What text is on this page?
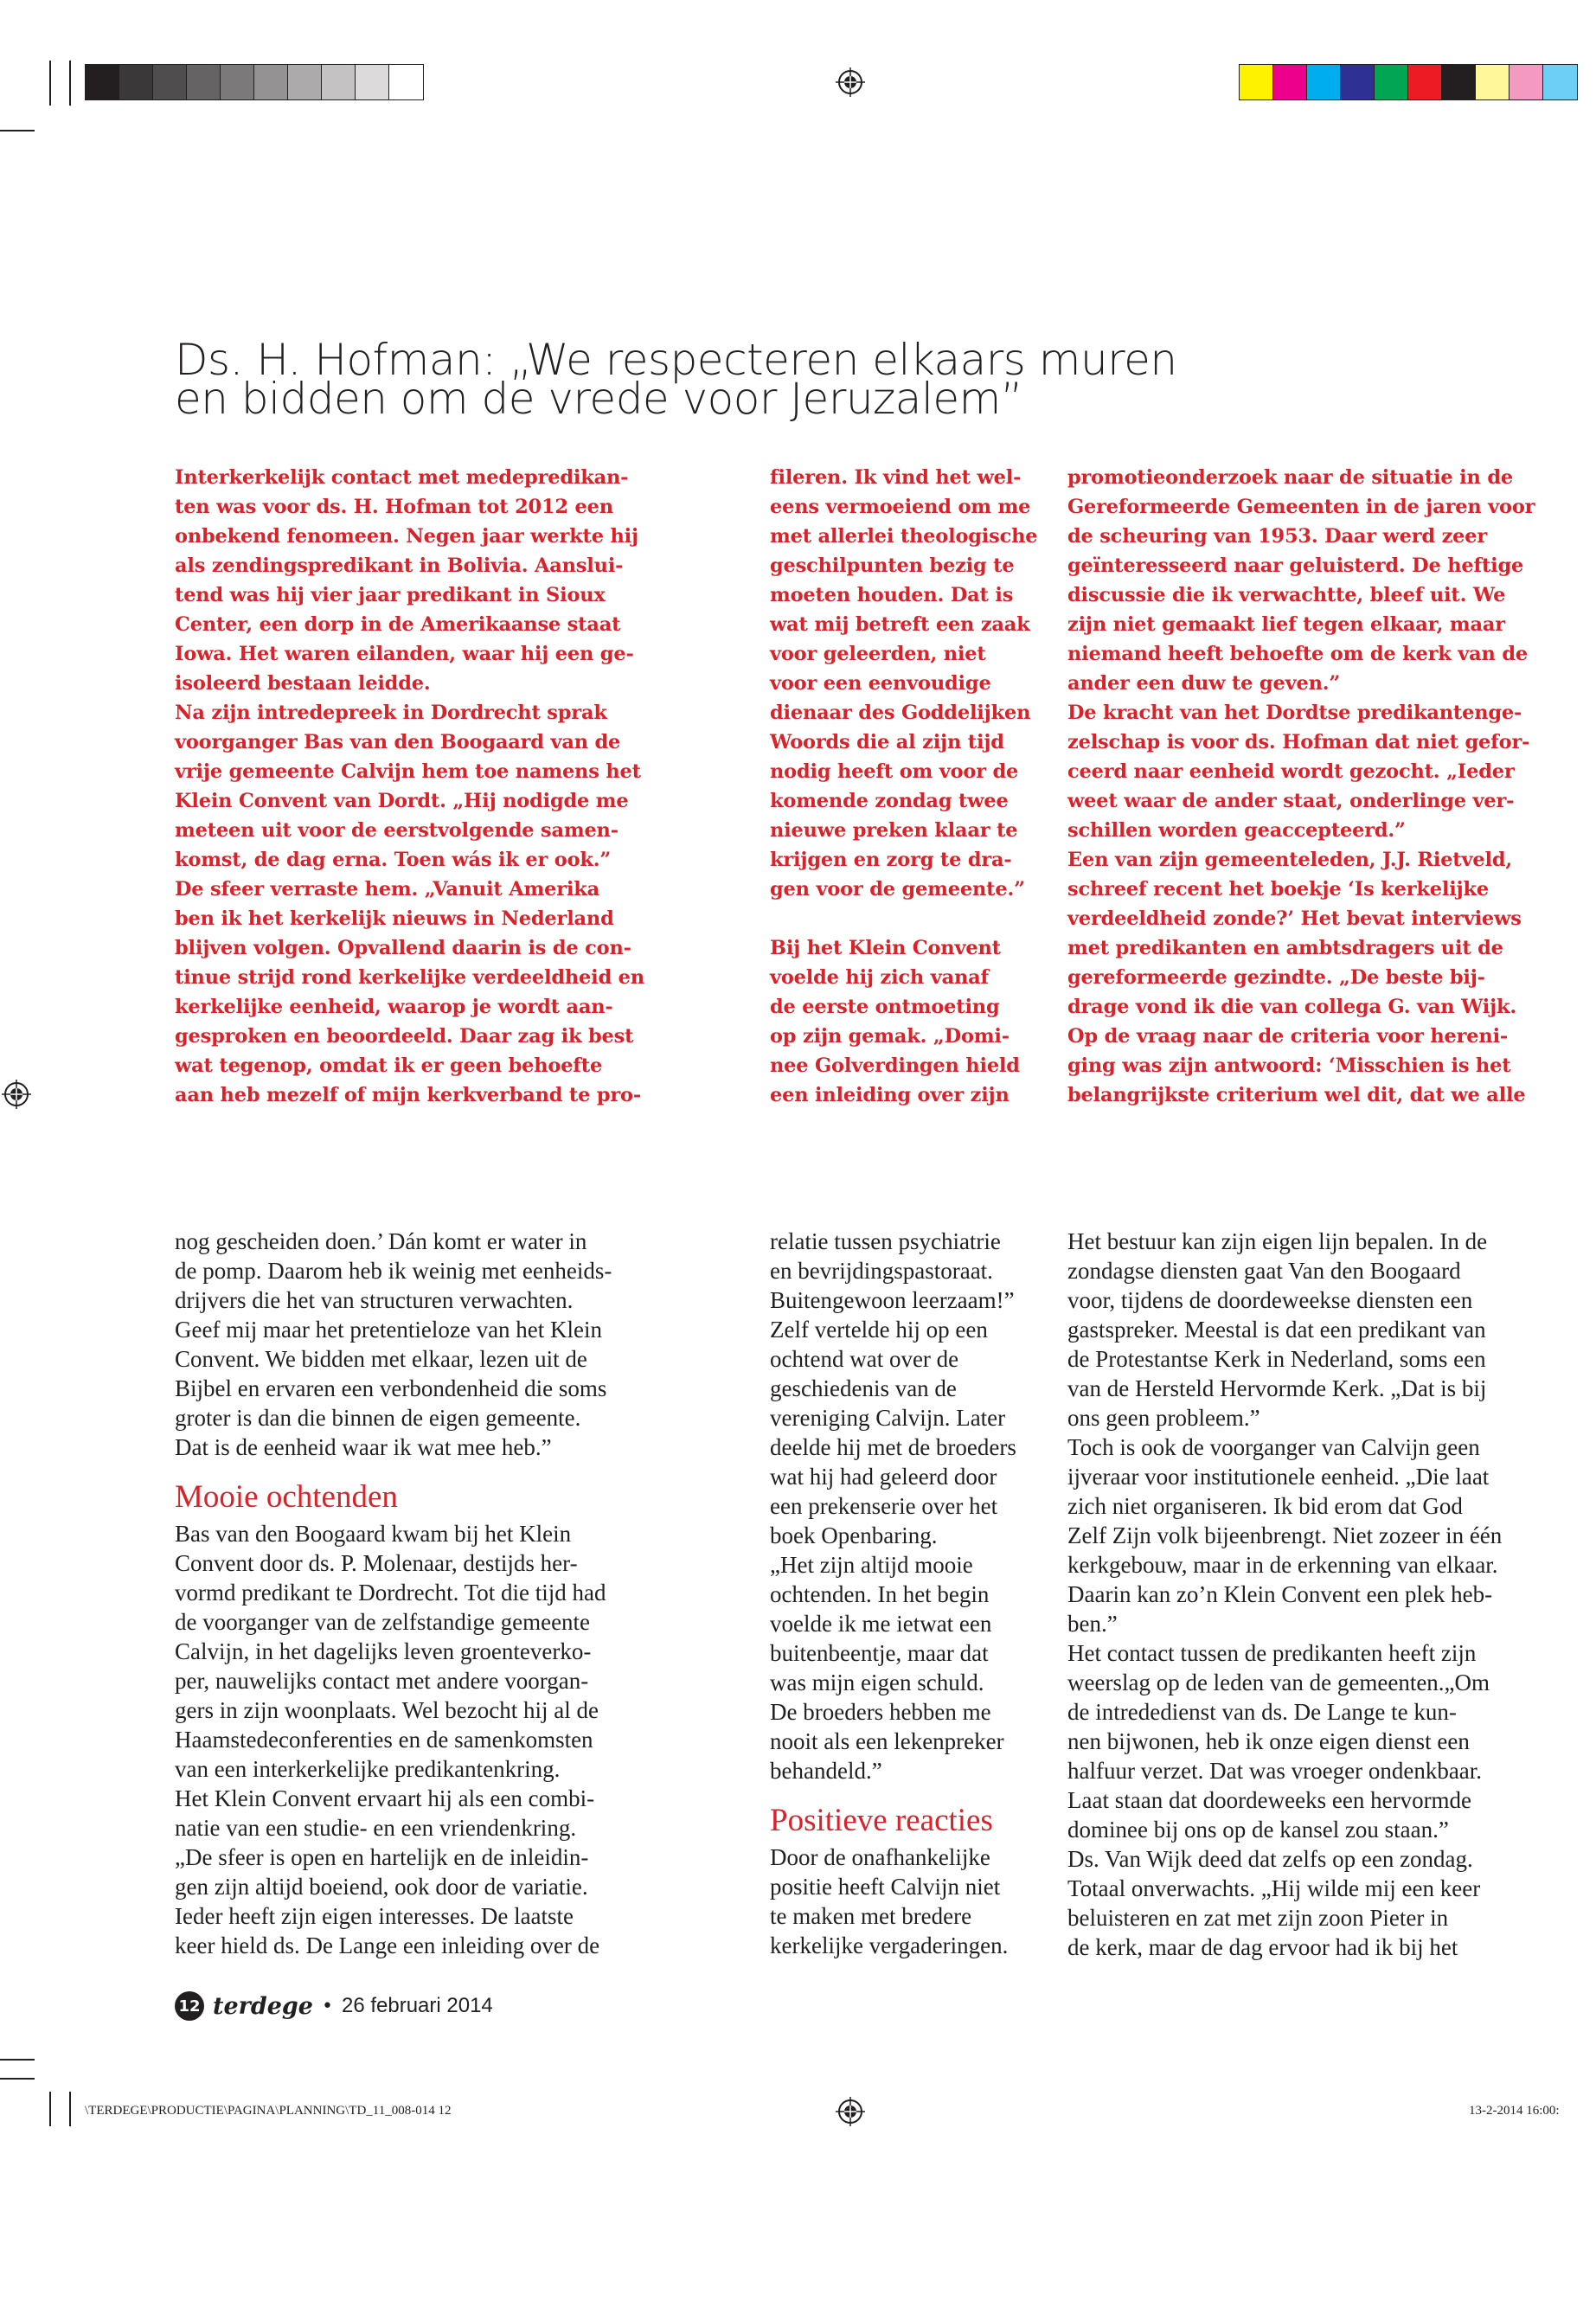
Ds. H. Hofman: „We respecteren elkaars muren
en bidden om de vrede voor Jeruzalem”
Interkerkelijk contact met medepredikan-
ten was voor ds. H. Hofman tot 2012 een
onbekend fenomeen. Negen jaar werkte hij
als zendingspredikant in Bolivia. Aanslui-
tend was hij vier jaar predikant in Sioux
Center, een dorp in de Amerikaanse staat
Iowa. Het waren eilanden, waar hij een ge-
isoleerd bestaan leidde.
Na zijn intredepreek in Dordrecht sprak
voorganger Bas van den Boogaard van de
vrije gemeente Calvijn hem toe namens het
Klein Convent van Dordt. „Hij nodigde me
meteen uit voor de eerstvolgende samen-
komst, de dag erna. Toen wás ik er ook.”
De sfeer verraste hem. „Vanuit Amerika
ben ik het kerkelijk nieuws in Nederland
blijven volgen. Opvallend daarin is de con-
tinue strijd rond kerkelijke verdeeldheid en
kerkelijke eenheid, waarop je wordt aan-
gesproken en beoordeeld. Daar zag ik best
wat tegenop, omdat ik er geen behoefte
aan heb mezelf of mijn kerkverband te pro-
fileren. Ik vind het wel-
eens vermoeiend om me
met allerlei theologische
geschilpunten bezig te
moeten houden. Dat is
wat mij betreft een zaak
voor geleerden, niet
voor een eenvoudige
dienaar des Goddelijken
Woords die al zijn tijd
nodig heeft om voor de
komende zondag twee
nieuwe preken klaar te
krijgen en zorg te dra-
gen voor de gemeente.”
Bij het Klein Convent
voelde hij zich vanaf
de eerste ontmoeting
op zijn gemak. „Domi-
nee Golverdingen hield
een inleiding over zijn
promotieonderzoek naar de situatie in de
Gereformeerde Gemeenten in de jaren voor
de scheuring van 1953. Daar werd zeer
geïnteresseerd naar geluisterd. De heftige
discussie die ik verwachtte, bleef uit. We
zijn niet gemaakt lief tegen elkaar, maar
niemand heeft behoefte om de kerk van de
ander een duw te geven.”
De kracht van het Dordtse predikantenge-
zelschap is voor ds. Hofman dat niet gefor-
ceerd naar eenheid wordt gezocht. „Ieder
weet waar de ander staat, onderlinge ver-
schillen worden geaccepteerd.”
Een van zijn gemeenteleden, J.J. Rietveld,
schreef recent het boekje ‘Is kerkelijke
verdeeldheid zonde?’ Het bevat interviews
met predikanten en ambtsdragers uit de
gereformeerde gezindte. „De beste bij-
drage vond ik die van collega G. van Wijk.
Op de vraag naar de criteria voor hereni-
ging was zijn antwoord: ‘Misschien is het
belangrijkste criterium wel dit, dat we alle
nog gescheiden doen.’ Dán komt er water in
de pomp. Daarom heb ik weinig met eenheids-
drijvers die het van structuren verwachten.
Geef mij maar het pretentieloze van het Klein
Convent. We bidden met elkaar, lezen uit de
Bijbel en ervaren een verbondenheid die soms
groter is dan die binnen de eigen gemeente.
Dat is de eenheid waar ik wat mee heb.”
Mooie ochtenden
Bas van den Boogaard kwam bij het Klein
Convent door ds. P. Molenaar, destijds her-
vormd predikant te Dordrecht. Tot die tijd had
de voorganger van de zelfstandige gemeente
Calvijn, in het dagelijks leven groenteverko-
per, nauwelijks contact met andere voorgan-
gers in zijn woonplaats. Wel bezocht hij al de
Haamstedeconferenties en de samenkomsten
van een interkerkelijke predikantenkring.
Het Klein Convent ervaart hij als een combi-
natie van een studie- en een vriendenkring.
„De sfeer is open en hartelijk en de inleidin-
gen zijn altijd boeiend, ook door de variatie.
Ieder heeft zijn eigen interesses. De laatste
keer hield ds. De Lange een inleiding over de
relatie tussen psychiatrie
en bevrijdingspastoraat.
Buitengewoon leerzaam!”
Zelf vertelde hij op een
ochtend wat over de
geschiedenis van de
vereniging Calvijn. Later
deelde hij met de broeders
wat hij had geleerd door
een prekenserie over het
boek Openbaring.
„Het zijn altijd mooie
ochtenden. In het begin
voelde ik me ietwat een
buitenbeentje, maar dat
was mijn eigen schuld.
De broeders hebben me
nooit als een lekenpreker
behandeld.”
Positieve reacties
Door de onafhankelijke
positie heeft Calvijn niet
te maken met bredere
kerkelijke vergaderingen.
Het bestuur kan zijn eigen lijn bepalen. In de
zondagse diensten gaat Van den Boogaard
voor, tijdens de doordeweekse diensten een
gastspreker. Meestal is dat een predikant van
de Protestantse Kerk in Nederland, soms een
van de Hersteld Hervormde Kerk. „Dat is bij
ons geen probleem.”
Toch is ook de voorganger van Calvijn geen
ijveraar voor institutionele eenheid. „Die laat
zich niet organiseren. Ik bid erom dat God
Zelf Zijn volk bijeenbrengt. Niet zozeer in één
kerkgebouw, maar in de erkenning van elkaar.
Daarin kan zo’n Klein Convent een plek heb-
ben.”
Het contact tussen de predikanten heeft zijn
weerslag op de leden van de gemeenten.„Om
de intrededienst van ds. De Lange te kun-
nen bijwonen, heb ik onze eigen dienst een
halfuur verzet. Dat was vroeger ondenkbaar.
Laat staan dat doordeweeks een hervormde
dominee bij ons op de kansel zou staan.”
Ds. Van Wijk deed dat zelfs op een zondag.
Totaal onverwachts. „Hij wilde mij een keer
beluisteren en zat met zijn zoon Pieter in
de kerk, maar de dag ervoor had ik bij het
12 terdege • 26 februari 2014
\TERDEGE\PRODUCTIE\PAGINA\PLANNING\TD_11_008-014 12	13-2-2014 16:00:
